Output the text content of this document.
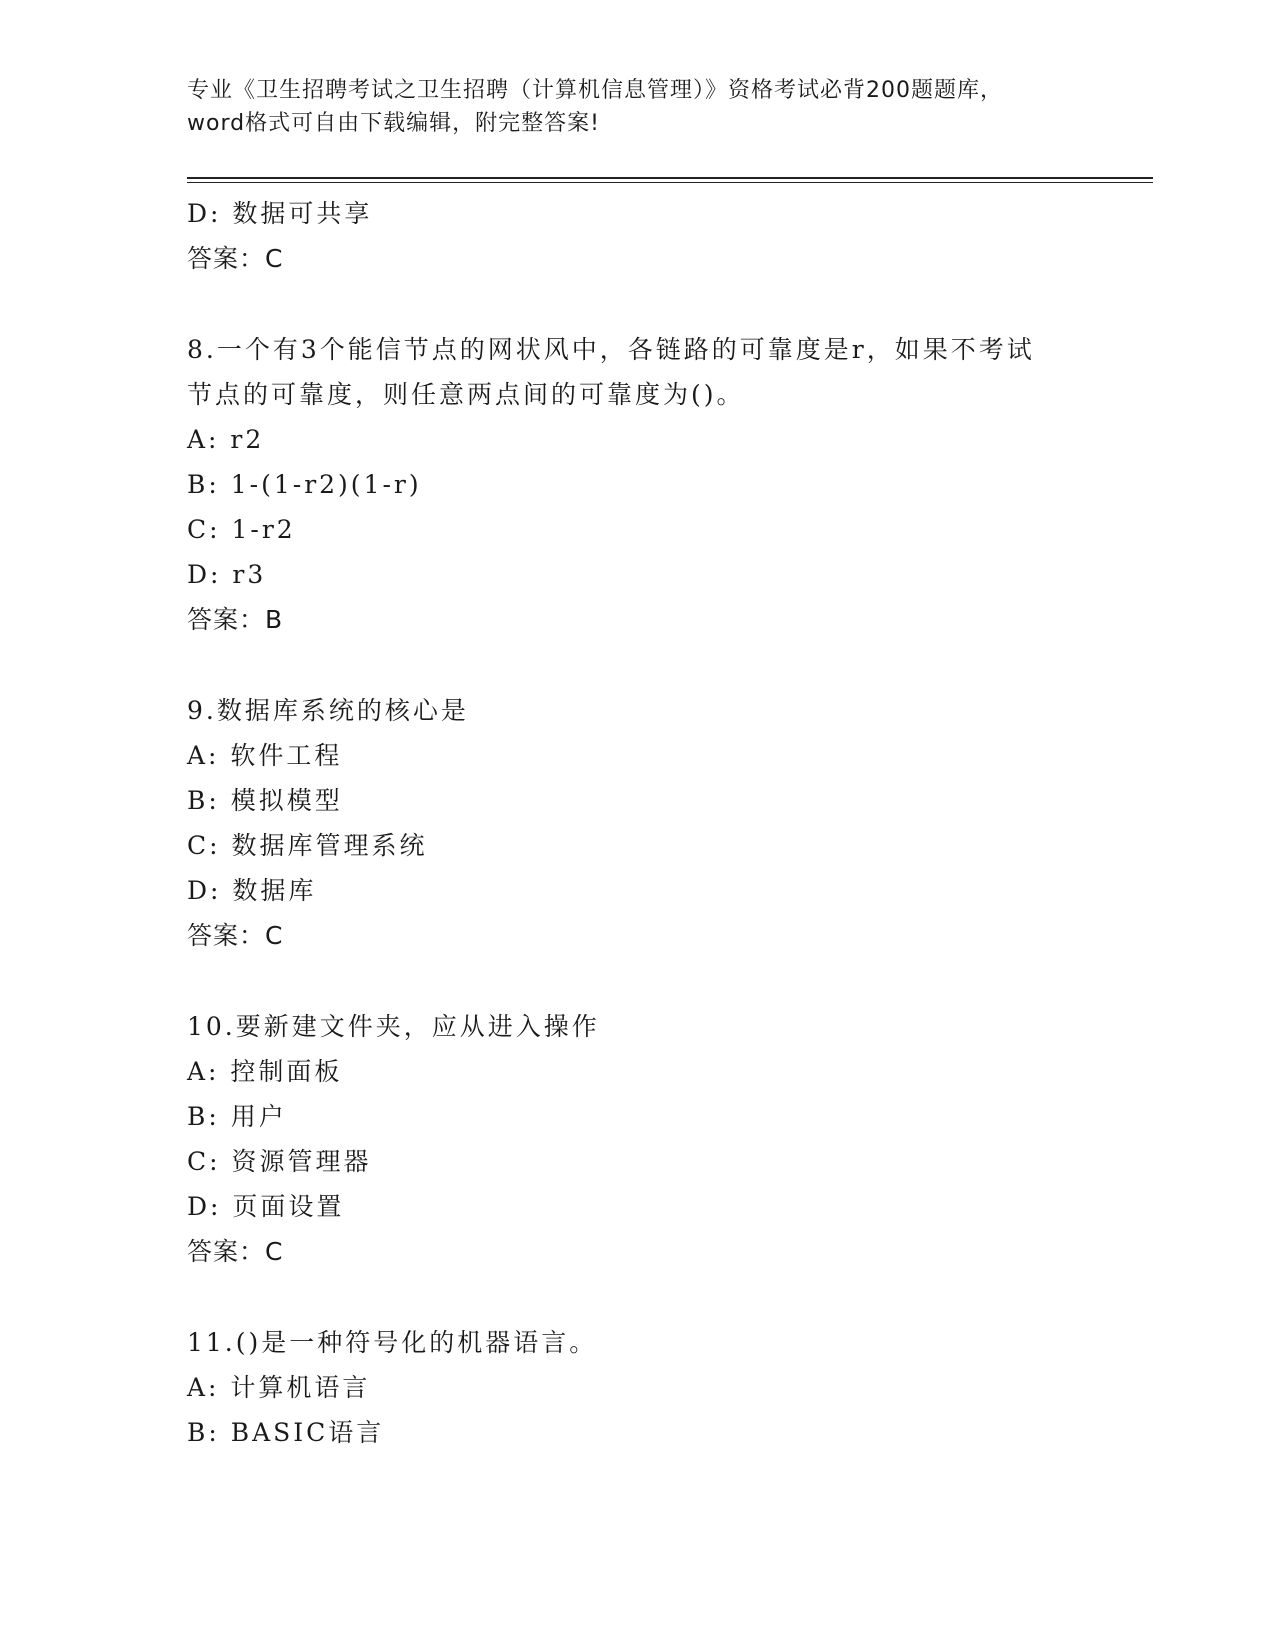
专业《卫生招聘考试之卫生招聘（计算机信息管理）》资格考试必背200题题库，
word格式可自由下载编辑，附完整答案!
D: 数据可共享
答案：C
8.一个有3个能信节点的网状风中，各链路的可靠度是r，如果不考试
节点的可靠度，则任意两点间的可靠度为()。
A: r2
B: 1-(1-r2)(1-r)
C: 1-r2
D: r3
答案：B
9.数据库系统的核心是
A: 软件工程
B: 模拟模型
C: 数据库管理系统
D: 数据库
答案：C
10.要新建文件夹，应从进入操作
A: 控制面板
B: 用户
C: 资源管理器
D: 页面设置
答案：C
11.()是一种符号化的机器语言。
A: 计算机语言
B: BASIC语言
